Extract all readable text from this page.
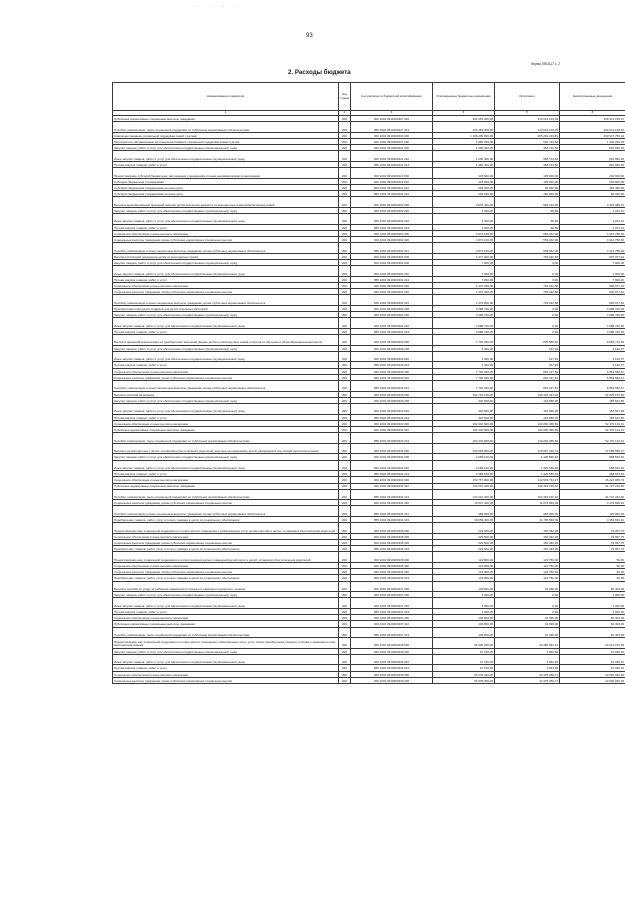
· · · ·
93
Форма 0503117 с. 2
2. Расходы бюджета
Наименование показателя	Код строки	Код расхода по бюджетной классификации	Утвержденные бюджетные назначения	Исполнено	Неисполненные назначения
1	2	3	4	5	6
Публичные нормативные социальные выплаты гражданам	200	000 1004 0910100327 310	322 459 300,00	213 016 140,03	109 441 159,97
Пособия, компенсации, меры социальной поддержки по публичным нормативным обязательствам	200	855 1004 0910100327 313	322 459 300,00	213 016 140,03	109 441 159,97
Совершенствование социальной поддержки семей с детьми	200	000 1004 0910300000 000	1 186 209 000,00	955 261 249,81	230 947 750,19
Мероприятия, направленные на совершенствование социальной поддержки семьи и детей	200	000 1004 0910300221 000	1 666 000,00	533 743,82	1 132 256,18
Закупка товаров, работ и услуг для обеспечения государственных (муниципальных) нужд	200	000 1004 0910300221 200	1 250 400,00	358 743,82	891 656,18
Иные закупки товаров, работ и услуг для обеспечения государственных (муниципальных) нужд	200	000 1004 0910300221 240	1 250 400,00	358 743,82	891 656,18
Прочая закупка товаров, работ и услуг	200	855 1004 0910300221 244	1 250 400,00	358 743,82	891 656,18
Предоставление субсидий бюджетным, автономным учреждениям и иным некоммерческим организациям	200	000 1004 0910300221 600	435 600,00	195 000,00	240 600,00
Субсидии бюджетным учреждениям	200	000 1004 0910300221 610	435 600,00	195 000,00	240 600,00
Субсидии бюджетным учреждениям на иные цели	200	809 1004 0910300221 612	229 400,00	45 000,00	184 400,00
Субсидии бюджетным учреждениям на иные цели	200	855 1004 0910300221 612	206 200,00	150 000,00	56 200,00
Выплата единовременной денежной помощи детям школьного возраста из многодетных и малообеспеченных семей	200	000 1004 0910300302 000	4 876 400,00	559 410,69	4 316 989,31
Закупка товаров, работ и услуг для обеспечения государственных (муниципальных) нужд	200	000 1004 0910300302 200	2 300,00	68,69	2 231,31
Иные закупки товаров, работ и услуг для обеспечения государственных (муниципальных) нужд	200	000 1004 0910300302 240	2 300,00	68,69	2 231,31
Прочая закупка товаров, работ и услуг	200	855 1004 0910300302 244	2 300,00	68,69	2 231,31
Социальное обеспечение и иные выплаты населению	200	000 1004 0910300302 300	4 874 100,00	559 342,00	4 314 758,00
Социальные выплаты гражданам, кроме публичных нормативных социальных выплат	200	000 1004 0910300302 320	4 874 100,00	559 342,00	4 314 758,00
Пособия, компенсации и иные социальные выплаты гражданам, кроме публичных нормативных обязательств	200	855 1004 0910300302 321	4 874 100,00	559 342,00	4 314 758,00
Выплата стипендий одаренным детям из многодетных семей	200	000 1004 0910300303 000	1 377 000,00	769 022,58	607 977,42
Закупка товаров, работ и услуг для обеспечения государственных (муниципальных) нужд	200	000 1004 0910300303 200	7 000,00	0,00	7 000,00
Иные закупки товаров, работ и услуг для обеспечения государственных (муниципальных) нужд	200	000 1004 0910300303 240	7 000,00	0,00	7 000,00
Прочая закупка товаров, работ и услуг	200	855 1004 0910300303 244	7 000,00	0,00	7 000,00
Социальное обеспечение и иные выплаты населению	200	000 1004 0910300303 300	1 370 000,00	769 022,58	600 977,42
Социальные выплаты гражданам, кроме публичных нормативных социальных выплат	200	000 1004 0910300303 320	1 370 000,00	769 022,58	600 977,42
Пособия, компенсации и иные социальные выплаты гражданам, кроме публичных нормативных обязательств	200	855 1004 0910300303 321	1 370 000,00	769 022,58	600 977,42
Приобретение новогодних подарков для детей отдельных категорий	200	000 1004 0910300304 000	4 088 700,00	0,00	4 088 700,00
Закупка товаров, работ и услуг для обеспечения государственных (муниципальных) нужд	200	000 1004 0910300304 200	4 088 700,00	0,00	4 088 700,00
Иные закупки товаров, работ и услуг для обеспечения государственных (муниципальных) нужд	200	000 1004 0910300304 240	4 088 700,00	0,00	4 088 700,00
Прочая закупка товаров, работ и услуг	200	855 1004 0910300304 244	4 088 700,00	0,00	4 088 700,00
Выплата денежной компенсации на приобретение школьной формы детям из многодетных семей в период их обучения в общеобразовательной школе	200	000 1004 0910300309 000	7 702 300,00	836 585,46	6 865 714,54
Закупка товаров, работ и услуг для обеспечения государственных (муниципальных) нужд	200	000 1004 0910300309 200	2 300,00	167,93	2 132,07
Иные закупки товаров, работ и услуг для обеспечения государственных (муниципальных) нужд	200	000 1004 0910300309 240	2 300,00	167,93	2 132,07
Прочая закупка товаров, работ и услуг	200	855 1004 0910300309 244	2 300,00	167,93	2 132,07
Социальное обеспечение и иные выплаты населению	200	000 1004 0910300309 300	7 700 000,00	836 417,53	6 863 582,47
Социальные выплаты гражданам, кроме публичных нормативных социальных выплат	200	000 1004 0910300309 320	7 700 000,00	836 417,53	6 863 582,47
Пособия, компенсации и иные социальные выплаты гражданам, кроме публичных нормативных обязательств	200	855 1004 0910300309 321	7 700 000,00	836 417,53	6 863 582,47
Выплата пособий на ребенка	200	000 1004 0910300333 000	192 751 100,00	140 425 424,04	52 325 675,96
Закупка товаров, работ и услуг для обеспечения государственных (муниципальных) нужд	200	000 1004 0910300333 200	320 500,00	164 958,35	155 541,65
Иные закупки товаров, работ и услуг для обеспечения государственных (муниципальных) нужд	200	000 1004 0910300333 240	320 500,00	164 958,35	155 541,65
Прочая закупка товаров, работ и услуг	200	855 1004 0910300333 244	320 500,00	164 958,35	155 541,65
Социальное обеспечение и иные выплаты населению	200	000 1004 0910300333 300	192 430 600,00	140 260 465,69	52 170 134,31
Публичные нормативные социальные выплаты гражданам	200	000 1004 0910300333 310	192 430 600,00	140 260 465,69	52 170 134,31
Пособия, компенсации, меры социальной поддержки по публичным нормативным обязательствам	200	855 1004 0910300333 313	192 430 600,00	140 260 465,69	52 170 134,31
Выплаты детям-сиротам и детям, оставшимся без попечения родителей, выплата на содержание детей, находящихся под опекой (попечительством)	200	000 1004 0910300334 000	153 068 900,00	115 957 320,73	37 089 556,27
Закупка товаров, работ и услуг для обеспечения государственных (муниципальных) нужд	200	000 1004 0910300334 200	2 289 100,00	1 420 566,46	868 533,54
Иные закупки товаров, работ и услуг для обеспечения государственных (муниципальных) нужд	200	000 1004 0910300334 240	2 289 100,00	1 420 566,46	868 533,54
Прочая закупка товаров, работ и услуг	200	855 1004 0910300334 244	2 289 100,00	1 420 566,46	868 533,54
Социальное обеспечение и иные выплаты населению	200	000 1004 0910300334 300	150 757 800,00	114 536 734,27	36 221 065,73
Публичные нормативные социальные выплаты гражданам	200	000 1004 0910300334 310	134 210 400,00	102 463 165,18	31 747 234,82
Пособия, компенсации, меры социальной поддержки по публичным нормативным обязательствам	200	855 1004 0910300334 313	134 210 400,00	102 463 165,18	31 747 234,82
Социальные выплаты гражданам, кроме публичных нормативных социальных выплат	200	000 1004 0910300334 320	16 547 400,00	12 073 569,09	4 473 830,91
Пособия, компенсации и иные социальные выплаты гражданам, кроме публичных нормативных обязательств	200	855 1004 0910300334 321	488 000,00	368 000,00	120 000,00
Приобретение товаров, работ, услуг в пользу граждан в целях их социального обеспечения	200	855 1004 0910300334 323	16 059 400,00	11 705 569,09	4 353 830,91
Предоставление мер социальной поддержки по оплате жилого помещения и коммунальных услуг детям-сиротам и детям, оставшимся без попечения родителей	200	000 1004 0910300335 000	229 500,00	150 432,25	79 067,75
Социальное обеспечение и иные выплаты населению	200	000 1004 0910300335 300	229 500,00	150 432,25	79 067,75
Социальные выплаты гражданам, кроме публичных нормативных социальных выплат	200	000 1004 0910300335 320	229 500,00	150 432,25	79 067,75
Приобретение товаров, работ, услуг в пользу граждан в целях их социального обеспечения	200	855 1004 0910300335 323	229 500,00	150 432,25	79 067,75
Предоставление мер социальной поддержки по оплате ремонта жилых помещений детей-сирот и детей, оставшихся без попечения родителей	200	000 1004 0910300336 000	123 800,00	123 750,00	50,00
Социальное обеспечение и иные выплаты населению	200	000 1004 0910300336 300	123 800,00	123 750,00	50,00
Социальные выплаты гражданам, кроме публичных нормативных социальных выплат	200	000 1004 0910300336 320	123 800,00	123 750,00	50,00
Приобретение товаров, работ, услуг в пользу граждан в целях их социального обеспечения	200	809 1004 0910300336 323	123 800,00	123 750,00	50,00
Выплата пособия по уходу за ребенком-инвалидом в период его санаторно-курортного лечения	200	000 1004 0910300337 000	109 800,00	44 396,00	65 404,00
Закупка товаров, работ и услуг для обеспечения государственных (муниципальных) нужд	200	000 1004 0910300337 200	3 000,00	0,00	3 000,00
Иные закупки товаров, работ и услуг для обеспечения государственных (муниципальных) нужд	200	000 1004 0910300337 240	3 000,00	0,00	3 000,00
Прочая закупка товаров, работ и услуг	200	855 1004 0910300337 244	3 000,00	0,00	3 000,00
Социальное обеспечение и иные выплаты населению	200	000 1004 0910300337 300	106 800,00	44 396,00	62 404,00
Публичные нормативные социальные выплаты гражданам	200	000 1004 0910300337 310	106 800,00	44 396,00	62 404,00
Пособия, компенсации, меры социальной поддержки по публичным нормативным обязательствам	200	855 1004 0910300337 313	106 800,00	44 396,00	62 404,00
Предоставление мер социальной поддержки по оплате жилого помещения, коммунальных услуг, услуг связи, приобретение твердого топлива и сжиженного газа многодетным семьям	200	000 1004 0910300339 000	66 400 000,00	44 385 923,61	22 014 076,39
Закупка товаров, работ и услуг для обеспечения государственных (муниципальных) нужд	200	000 1004 0910300339 200	21 700,00	9 663,90	12 036,10
Иные закупки товаров, работ и услуг для обеспечения государственных (муниципальных) нужд	200	000 1004 0910300339 240	21 700,00	9 663,90	12 036,10
Прочая закупка товаров, работ и услуг	200	855 1004 0910300339 244	21 700,00	9 663,90	12 036,10
Социальное обеспечение и иные выплаты населению	200	000 1004 0910300339 300	66 378 300,00	44 376 259,71	22 002 040,29
Социальные выплаты гражданам, кроме публичных нормативных социальных выплат	200	000 1004 0910300339 320	66 378 300,00	44 376 259,71	22 002 040,29
